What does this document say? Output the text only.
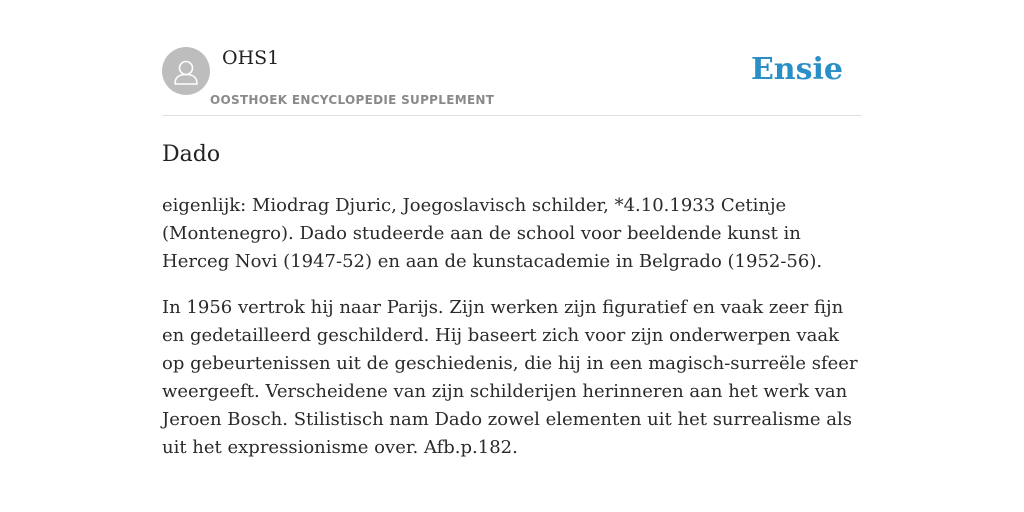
OHS1
OOSTHOEK ENCYCLOPEDIE SUPPLEMENT
Ensie
Dado

eigenlijk: Miodrag Djuric, Joegoslavisch schilder, *4.10.1933 Cetinje (Montenegro). Dado studeerde aan de school voor beeldende kunst in Herceg Novi (1947-52) en aan de kunstacademie in Belgrado (1952-56).

In 1956 vertrok hij naar Parijs. Zijn werken zijn figuratief en vaak zeer fijn en gedetailleerd geschilderd. Hij baseert zich voor zijn onderwerpen vaak op gebeurtenissen uit de geschiedenis, die hij in een magisch-surreële sfeer weergeeft. Verscheidene van zijn schilderijen herinneren aan het werk van Jeroen Bosch. Stilistisch nam Dado zowel elementen uit het surrealisme als uit het expressionisme over. Afb.p.182.
